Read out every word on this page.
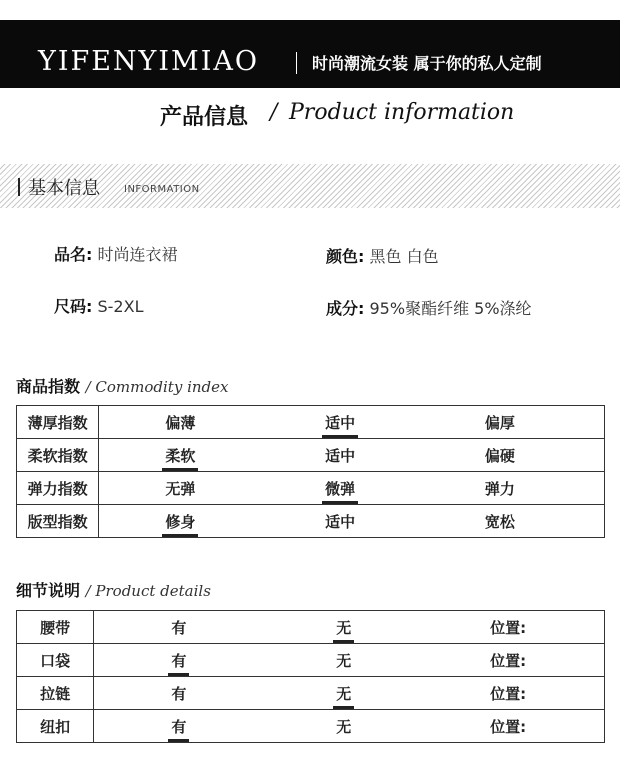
YIFENYIMIAO	时尚潮流女装 属于你的私人定制
产品信息 / Product information
基本信息 INFORMATION
品名: 时尚连衣裙	颜色: 黑色 白色
尺码: S-2XL	成分: 95%聚酯纤维 5%涤纶
商品指数 / Commodity index
薄厚指数	偏薄	适中	偏厚
柔软指数	柔软	适中	偏硬
弹力指数	无弹	微弹	弹力
版型指数	修身	适中	宽松
细节说明 / Product details
腰带	有	无	位置:
口袋	有	无	位置:
拉链	有	无	位置:
纽扣	有	无	位置:
